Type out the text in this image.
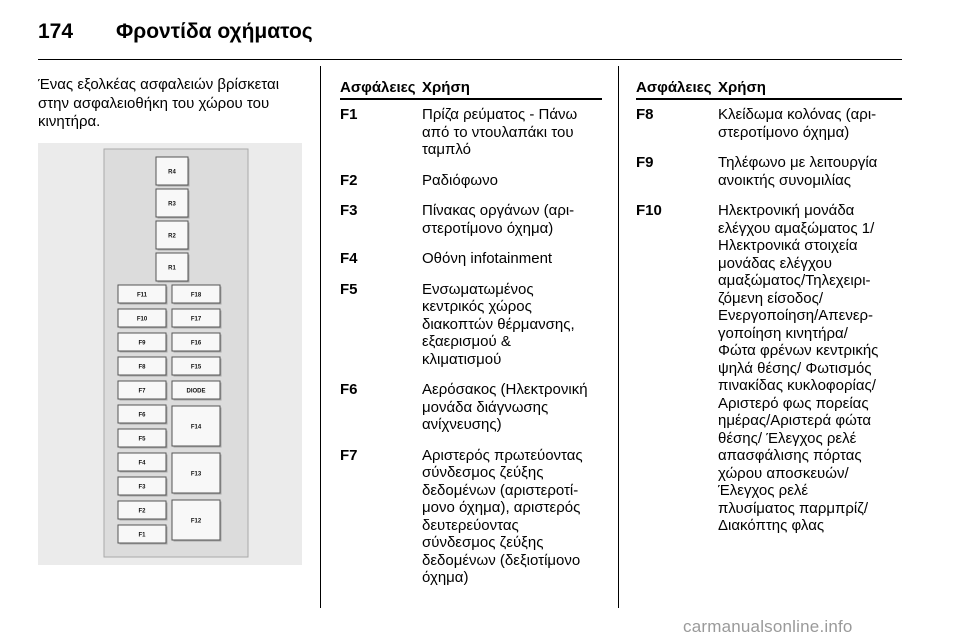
174 Φροντίδα οχήματος
Ένας εξολκέας ασφαλειών βρίσκεται στην ασφαλειοθήκη του χώρου του κινητήρα.
R4
R3
R2
R1
F11
F10
F9
F8
F7
F6
F5
F4
F3
F2
F1
F18
F17
F16
F15
DIODE
F14
F13
F12
Ασφάλειες Χρήση
F1	Πρίζα ρεύματος - Πάνω
από το ντουλαπάκι του
ταμπλό
F2	Ραδιόφωνο
F3	Πίνακας οργάνων (αρι-
στεροτίμονο όχημα)
F4	Οθόνη infotainment
F5	Ενσωματωμένος
κεντρικός χώρος
διακοπτών θέρμανσης,
εξαερισμού &
κλιματισμού
F6	Αερόσακος (Ηλεκτρονική
μονάδα διάγνωσης
ανίχνευσης)
F7	Αριστερός πρωτεύοντας
σύνδεσμος ζεύξης
δεδομένων (αριστεροτί-
μονο όχημα), αριστερός
δευτερεύοντας
σύνδεσμος ζεύξης
δεδομένων (δεξιοτίμονο
όχημα)
Ασφάλειες Χρήση
F8	Κλείδωμα κολόνας (αρι-
στεροτίμονο όχημα)
F9	Τηλέφωνο με λειτουργία
ανοικτής συνομιλίας
F10	Ηλεκτρονική μονάδα
ελέγχου αμαξώματος 1/
Ηλεκτρονικά στοιχεία
μονάδας ελέγχου
αμαξώματος/Τηλεχειρι-
ζόμενη είσοδος/
Ενεργοποίηση/Απενερ-
γοποίηση κινητήρα/
Φώτα φρένων κεντρικής
ψηλά θέσης/ Φωτισμός
πινακίδας κυκλοφορίας/
Αριστερό φως πορείας
ημέρας/Αριστερά φώτα
θέσης/ Έλεγχος ρελέ
απασφάλισης πόρτας
χώρου αποσκευών/
Έλεγχος ρελέ
πλυσίματος παρμπρίζ/
Διακόπτης φλας
carmanualsonline.info
